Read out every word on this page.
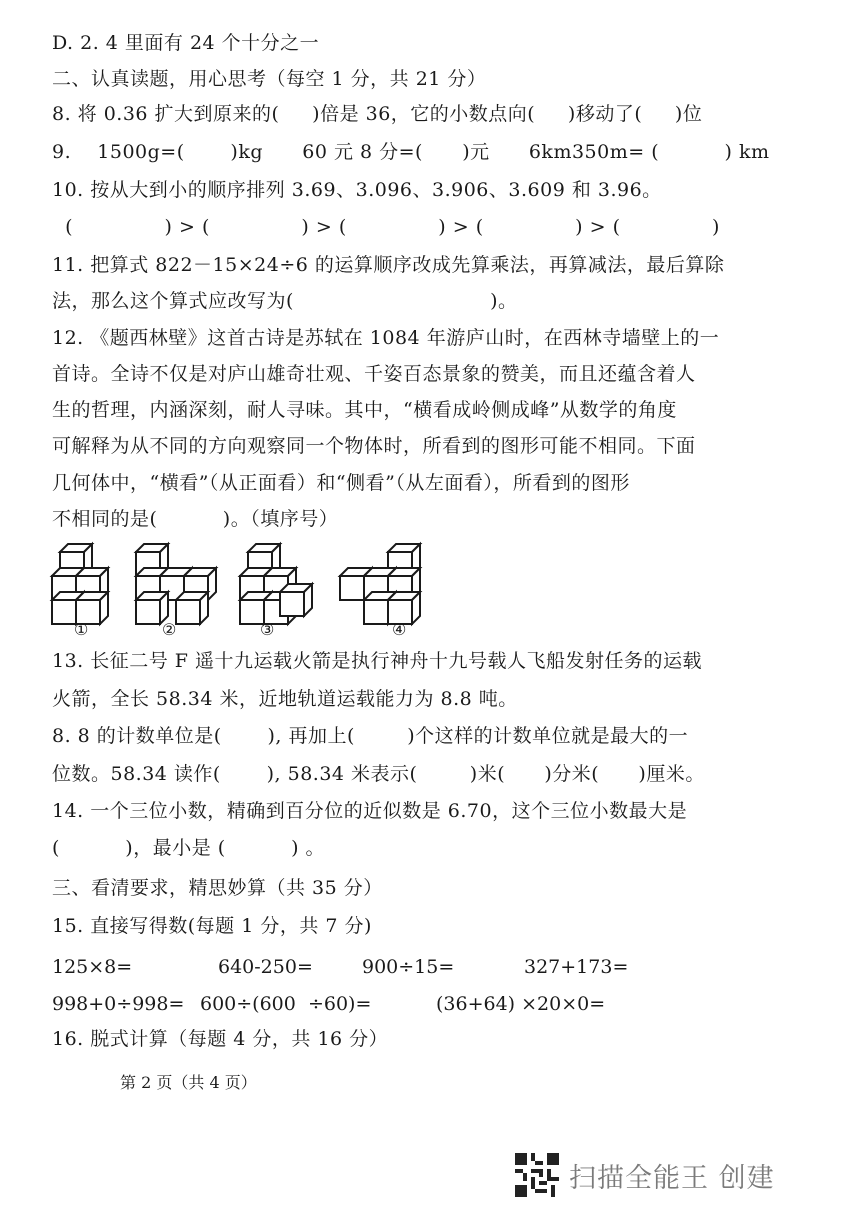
D. 2. 4 里面有 24 个十分之一
二、认真读题，用心思考（每空 1 分，共 21 分）
8. 将 0.36 扩大到原来的(     )倍是 36，它的小数点向(     )移动了(     )位
9.    1500g=(       )kg      60 元 8 分=(      )元      6km350m= (          ) km
10. 按从大到小的顺序排列 3.69、3.096、3.906、3.609 和 3.96。
(              ) > (              ) > (              ) > (              ) > (              )
11. 把算式 822－15×24÷6 的运算顺序改成先算乘法，再算减法，最后算除
法，那么这个算式应改写为(                              )。
12. 《题西林壁》这首古诗是苏轼在 1084 年游庐山时，在西林寺墙壁上的一
首诗。全诗不仅是对庐山雄奇壮观、千姿百态景象的赞美，而且还蕴含着人
生的哲理，内涵深刻，耐人寻味。其中，“横看成岭侧成峰”从数学的角度
可解释为从不同的方向观察同一个物体时，所看到的图形可能不相同。下面
几何体中，“横看”（从正面看）和“侧看”（从左面看），所看到的图形
不相同的是(          )。（填序号）
①	②	③	④
13. 长征二号 F 遥十九运载火箭是执行神舟十九号载人飞船发射任务的运载
火箭，全长 58.34 米，近地轨道运载能力为 8.8 吨。
8. 8 的计数单位是(       ), 再加上(        )个这样的计数单位就是最大的一
位数。58.34 读作(       ), 58.34 米表示(        )米(      )分米(      )厘米。
14. 一个三位小数，精确到百分位的近似数是 6.70，这个三位小数最大是
(          )，最小是 (          ) 。
三、看清要求，精思妙算（共 35 分）
15. 直接写得数(每题 1 分，共 7 分)
125×8=	640-250=	900÷15=	327+173=
998+0÷998= 600÷(600  ÷60)=	(36+64) ×20×0=
16. 脱式计算（每题 4 分，共 16 分）
第 2 页（共 4 页）
扫描全能王 创建
